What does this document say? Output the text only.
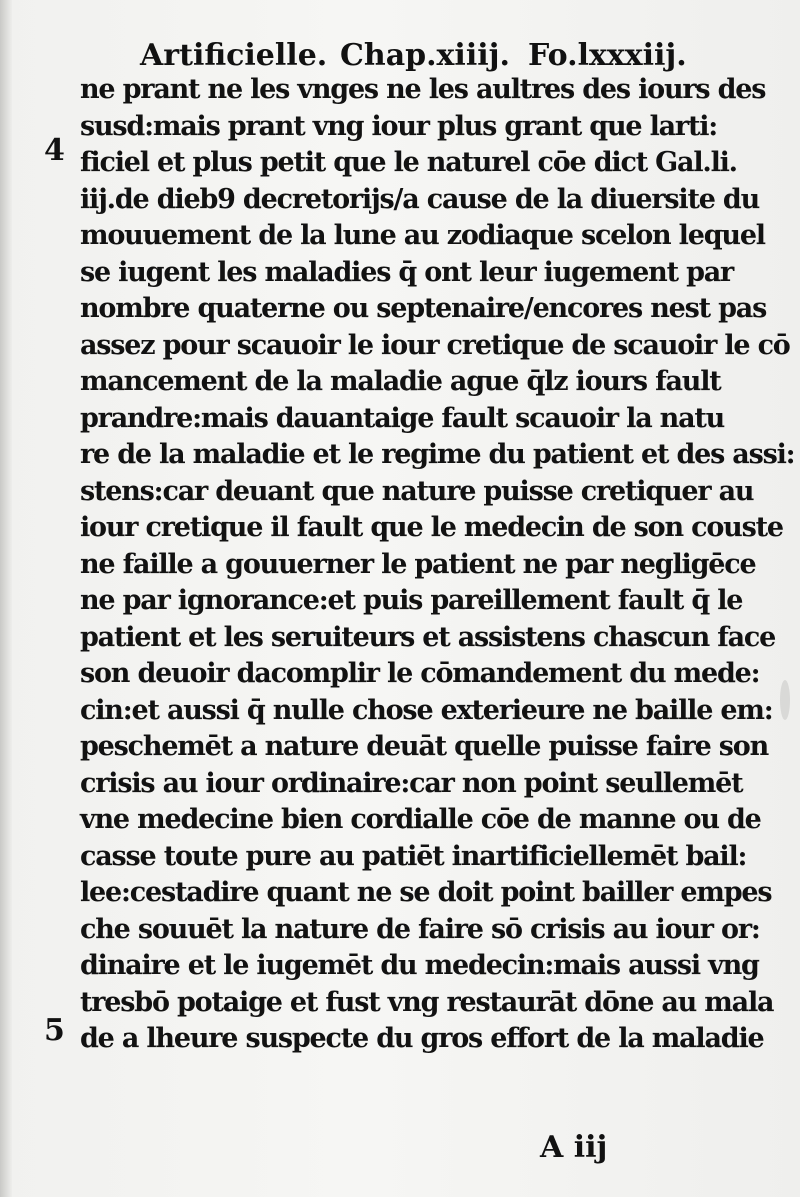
Artificielle. Chap.xiiij. Fo.lxxxiij.
4
5
ne prant ne les vnges ne les aultres des iours des
susd:mais prant vng iour plus grant que larti:
ficiel et plus petit que le naturel cōe dict Gal.li.
iij.de dieb9 decretorijs/a cause de la diuersite du
mouuement de la lune au zodiaque scelon lequel
se iugent les maladies q̄ ont leur iugement par
nombre quaterne ou septenaire/encores nest pas
assez pour scauoir le iour cretique de scauoir le cō
mancement de la maladie ague q̄lz iours fault
prandre:mais dauantaige fault scauoir la natu
re de la maladie et le regime du patient et des assi:
stens:car deuant que nature puisse cretiquer au
iour cretique il fault que le medecin de son couste
ne faille a gouuerner le patient ne par negligēce
ne par ignorance:et puis pareillement fault q̄ le
patient et les seruiteurs et assistens chascun face
son deuoir dacomplir le cōmandement du mede:
cin:et aussi q̄ nulle chose exterieure ne baille em:
peschemēt a nature deuāt quelle puisse faire son
crisis au iour ordinaire:car non point seullemēt
vne medecine bien cordialle cōe de manne ou de
casse toute pure au patiēt inartificiellemēt bail:
lee:cestadire quant ne se doit point bailler empes
che souuēt la nature de faire sō crisis au iour or:
dinaire et le iugemēt du medecin:mais aussi vng
tresbō potaige et fust vng restaurāt dōne au mala
de a lheure suspecte du gros effort de la maladie
A iij
